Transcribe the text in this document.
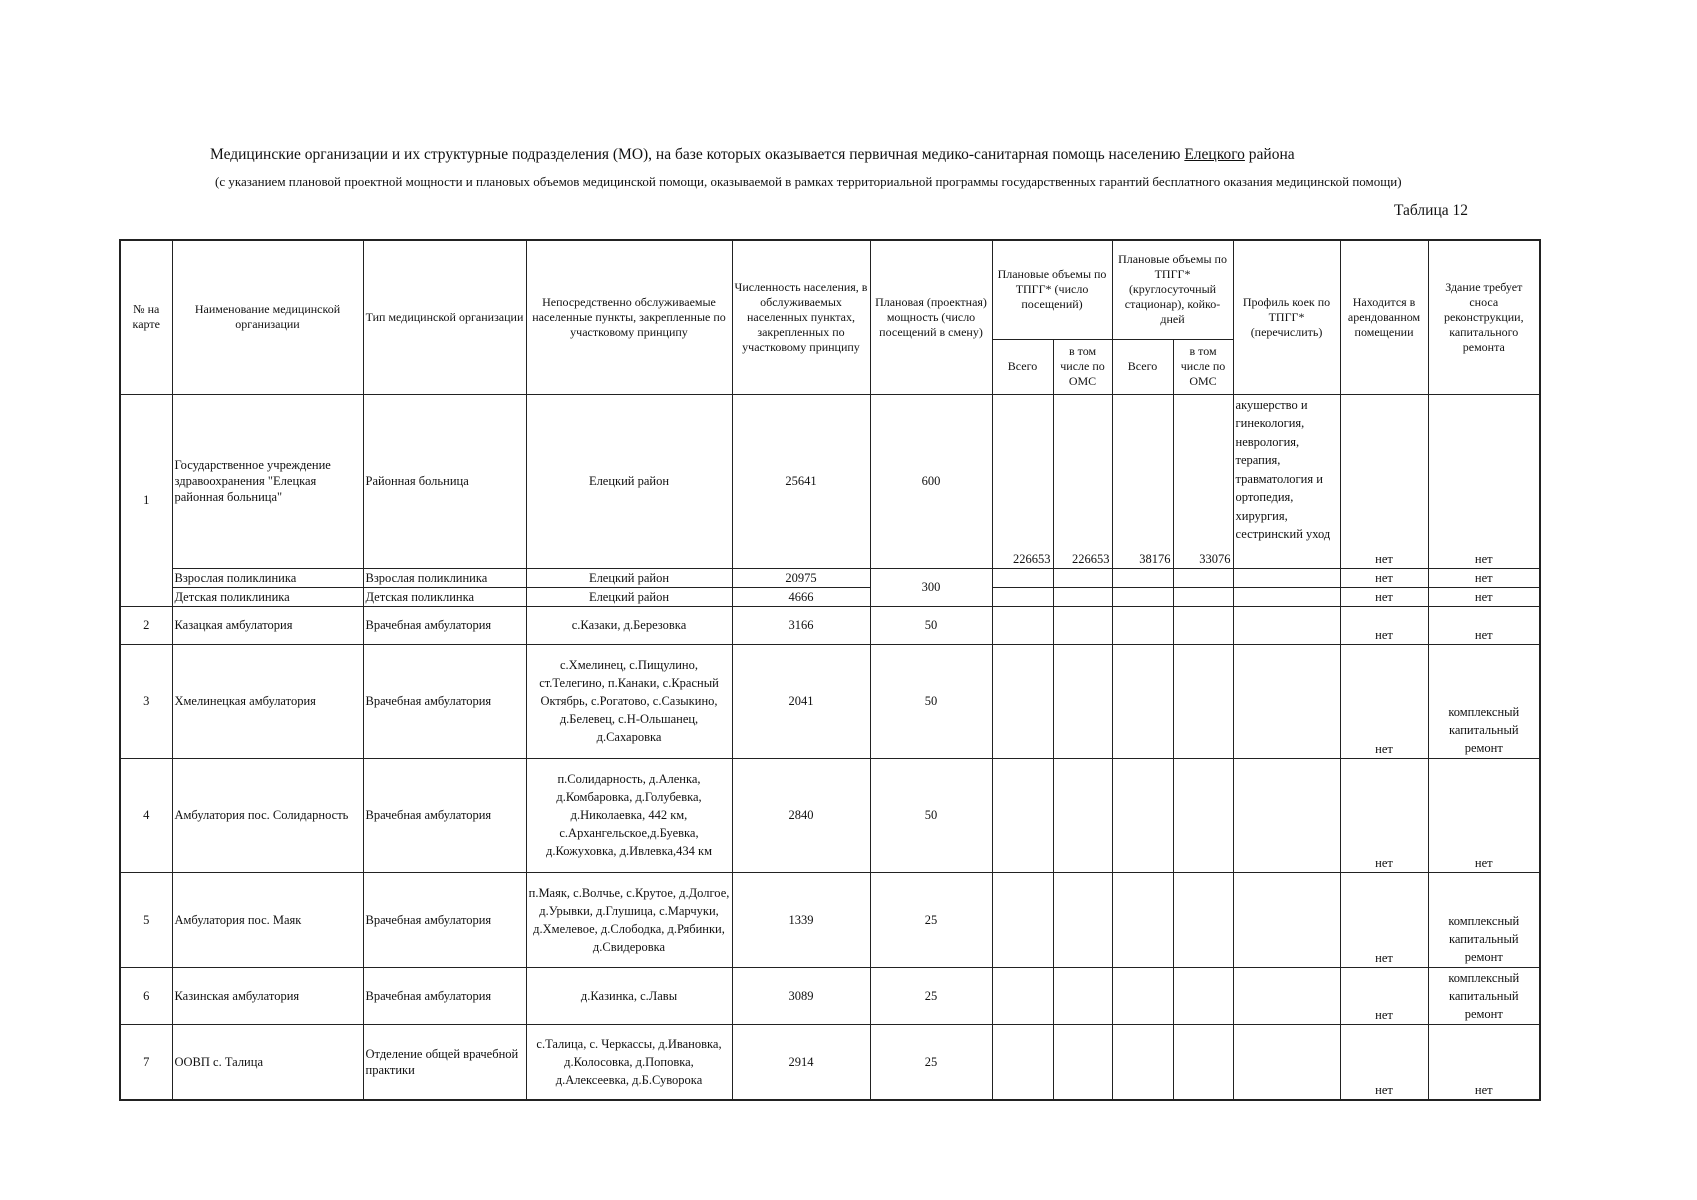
Медицинские организации и их структурные подразделения (МО), на базе которых оказывается первичная медико-санитарная помощь населению Елецкого района
(с указанием плановой проектной мощности и плановых объемов медицинской помощи, оказываемой в рамках территориальной программы государственных гарантий бесплатного оказания медицинской помощи)
Таблица 12
№ на карте	Наименование медицинской организации	Тип медицинской организации	Непосредственно обслуживаемые населенные пункты, закрепленные по участковому принципу	Численность населения, в обслуживаемых населенных пунктах, закрепленных по участковому принципу	Плановая (проектная) мощность (число посещений в смену)	Плановые объемы по ТПГГ* (число посещений)		Плановые объемы по ТПГГ* (круглосуточный стационар), койко-дней		Профиль коек по ТПГГ* (перечислить)	Находится в арендованном помещении	Здание требует сноса реконструкции, капитального ремонта
						Всего	в том числе по ОМС	Всего	в том числе по ОМС			
1	Государственное учреждение здравоохранения "Елецкая районная больница"	Районная больница	Елецкий район	25641	600	226653	226653	38176	33076	акушерство и гинекология, неврология, терапия, травматология и ортопедия, хирургия, сестринский уход	нет	нет
	Взрослая поликлиника	Взрослая поликлиника	Елецкий район	20975	300						нет	нет
	Детская поликлиника	Детская поликлинка	Елецкий район	4666							нет	нет
2	Казацкая амбулатория	Врачебная амбулатория	с.Казаки, д.Березовка	3166	50						нет	нет
3	Хмелинецкая амбулатория	Врачебная амбулатория	с.Хмелинец, с.Пищулино, ст.Телегино, п.Канаки, с.Красный Октябрь, с.Рогатово, с.Сазыкино, д.Белевец, с.Н-Ольшанец, д.Сахаровка	2041	50						нет	комплексный капитальный ремонт
4	Амбулатория пос. Солидарность	Врачебная амбулатория	п.Солидарность, д.Аленка, д.Комбаровка, д.Голубевка, д.Николаевка, 442 км, с.Архангельское,д.Буевка, д.Кожуховка, д.Ивлевка,434 км	2840	50						нет	нет
5	Амбулатория пос. Маяк	Врачебная амбулатория	п.Маяк, с.Волчье, с.Крутое, д.Долгое, д.Урывки, д.Глушица, с.Марчуки, д.Хмелевое, д.Слободка, д.Рябинки, д.Свидеровка	1339	25						нет	комплексный капитальный ремонт
6	Казинская амбулатория	Врачебная амбулатория	д.Казинка, с.Лавы	3089	25						нет	комплексный капитальный ремонт
7	ООВП с. Талица	Отделение общей врачебной практики	с.Талица, с. Черкассы, д.Ивановка, д.Колосовка, д.Поповка, д.Алексеевка, д.Б.Суворока	2914	25						нет	нет
